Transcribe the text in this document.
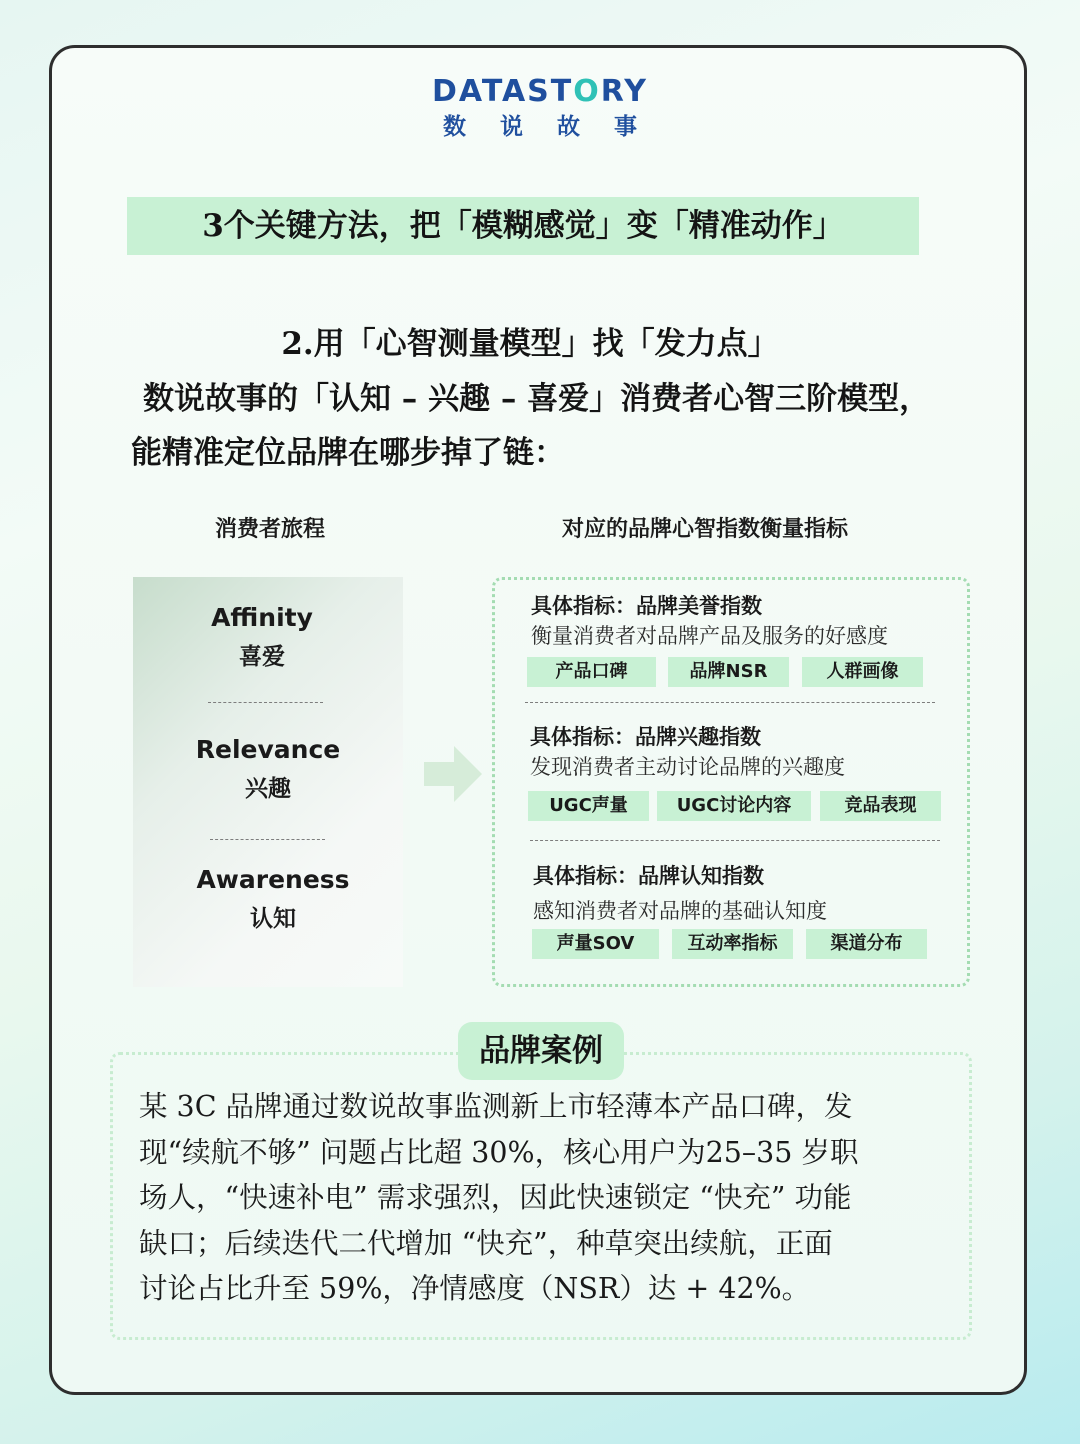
DATASTORY
数说故事
3个关键方法，把「模糊感觉」变「精准动作」
2.用「心智测量模型」找「发力点」
数说故事的「认知 – 兴趣 – 喜爱」消费者心智三阶模型，能精准定位品牌在哪步掉了链：
消费者旅程	对应的品牌心智指数衡量指标
Affinity
喜爱
Relevance
兴趣
Awareness
认知
具体指标：品牌美誉指数
衡量消费者对品牌产品及服务的好感度
产品口碑	品牌NSR	人群画像
具体指标：品牌兴趣指数
发现消费者主动讨论品牌的兴趣度
UGC声量	UGC讨论内容	竞品表现
具体指标：品牌认知指数
感知消费者对品牌的基础认知度
声量SOV	互动率指标	渠道分布
品牌案例
某 3C 品牌通过数说故事监测新上市轻薄本产品口碑，发
现“续航不够” 问题占比超 30%，核心用户为25–35 岁职
场人，“快速补电” 需求强烈，因此快速锁定 “快充” 功能
缺口；后续迭代二代增加 “快充”，种草突出续航，正面
讨论占比升至 59%，净情感度（NSR）达 + 42%。
